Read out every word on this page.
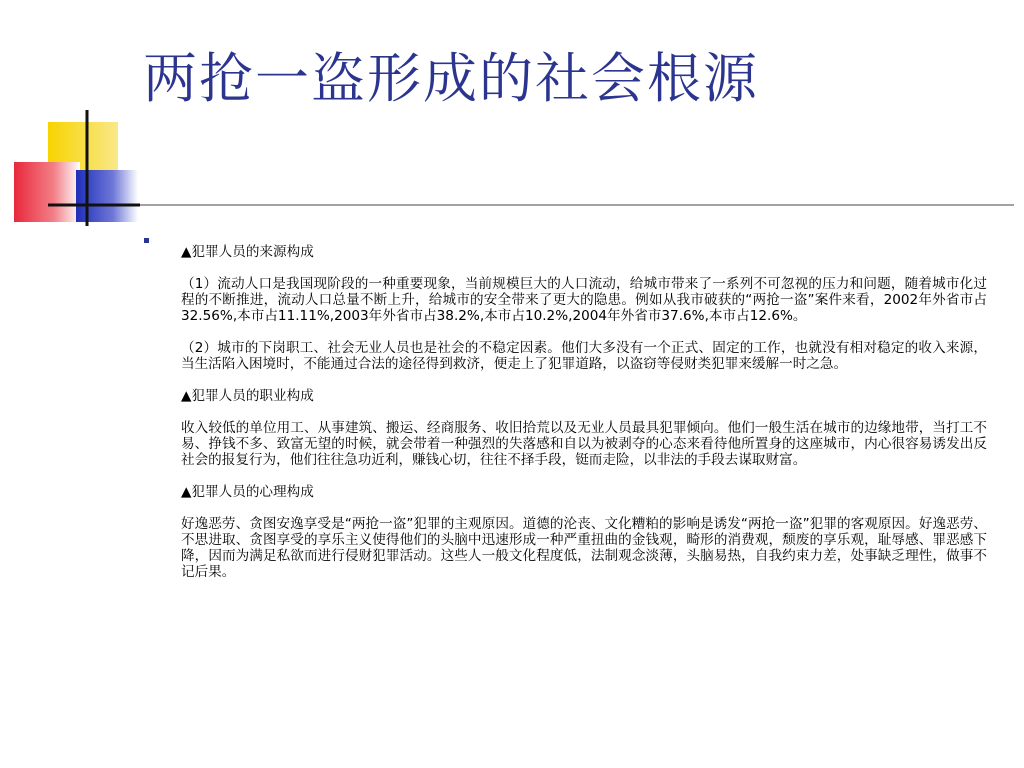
两抢一盗形成的社会根源

▲犯罪人员的来源构成

（1）流动人口是我国现阶段的一种重要现象，当前规模巨大的人口流动，给城市带来了一系列不可忽视的压力和问题，随着城市化过程的不断推进，流动人口总量不断上升，给城市的安全带来了更大的隐患。例如从我市破获的“两抢一盗”案件来看，2002年外省市占32.56%,本市占11.11%,2003年外省市占38.2%,本市占10.2%,2004年外省市37.6%,本市占12.6%。

（2）城市的下岗职工、社会无业人员也是社会的不稳定因素。他们大多没有一个正式、固定的工作，也就没有相对稳定的收入来源，当生活陷入困境时，不能通过合法的途径得到救济，便走上了犯罪道路，以盗窃等侵财类犯罪来缓解一时之急。

▲犯罪人员的职业构成

收入较低的单位用工、从事建筑、搬运、经商服务、收旧拾荒以及无业人员最具犯罪倾向。他们一般生活在城市的边缘地带，当打工不易、挣钱不多、致富无望的时候，就会带着一种强烈的失落感和自以为被剥夺的心态来看待他所置身的这座城市，内心很容易诱发出反社会的报复行为，他们往往急功近利，赚钱心切，往往不择手段，铤而走险，以非法的手段去谋取财富。

▲犯罪人员的心理构成

好逸恶劳、贪图安逸享受是“两抢一盗”犯罪的主观原因。道德的沦丧、文化糟粕的影响是诱发“两抢一盗”犯罪的客观原因。好逸恶劳、不思进取、贪图享受的享乐主义使得他们的头脑中迅速形成一种严重扭曲的金钱观，畸形的消费观，颓废的享乐观，耻辱感、罪恶感下降，因而为满足私欲而进行侵财犯罪活动。这些人一般文化程度低，法制观念淡薄，头脑易热，自我约束力差，处事缺乏理性，做事不记后果。
